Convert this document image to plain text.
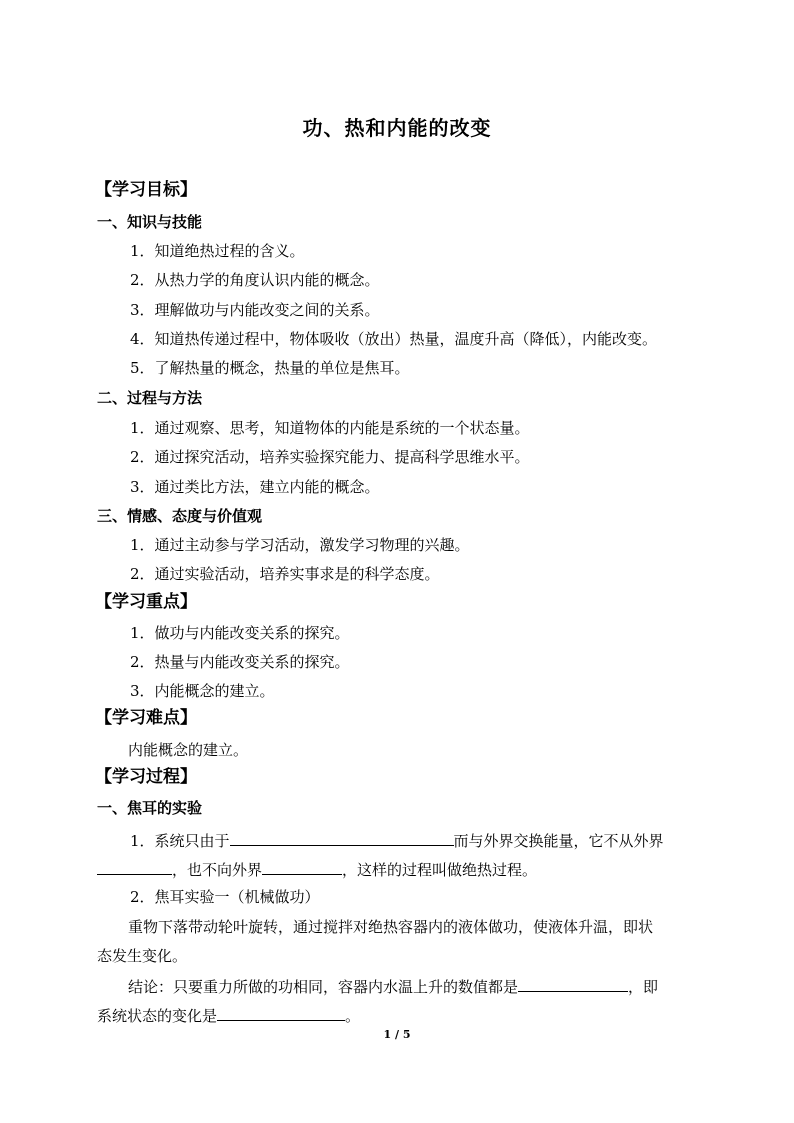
功、热和内能的改变
【学习目标】
一、知识与技能
1．知道绝热过程的含义。
2．从热力学的角度认识内能的概念。
3．理解做功与内能改变之间的关系。
4．知道热传递过程中，物体吸收（放出）热量，温度升高（降低），内能改变。
5．了解热量的概念，热量的单位是焦耳。
二、过程与方法
1．通过观察、思考，知道物体的内能是系统的一个状态量。
2．通过探究活动，培养实验探究能力、提高科学思维水平。
3．通过类比方法，建立内能的概念。
三、情感、态度与价值观
1．通过主动参与学习活动，激发学习物理的兴趣。
2．通过实验活动，培养实事求是的科学态度。
【学习重点】
1．做功与内能改变关系的探究。
2．热量与内能改变关系的探究。
3．内能概念的建立。
【学习难点】
内能概念的建立。
【学习过程】
一、焦耳的实验
1．系统只由于	而与外界交换能量，它不从外界
，也不向外界	，这样的过程叫做绝热过程。
2．焦耳实验一（机械做功）
重物下落带动轮叶旋转，通过搅拌对绝热容器内的液体做功，使液体升温，即状
态发生变化。
结论：只要重力所做的功相同，容器内水温上升的数值都是	，即
系统状态的变化是	。
1 / 5
